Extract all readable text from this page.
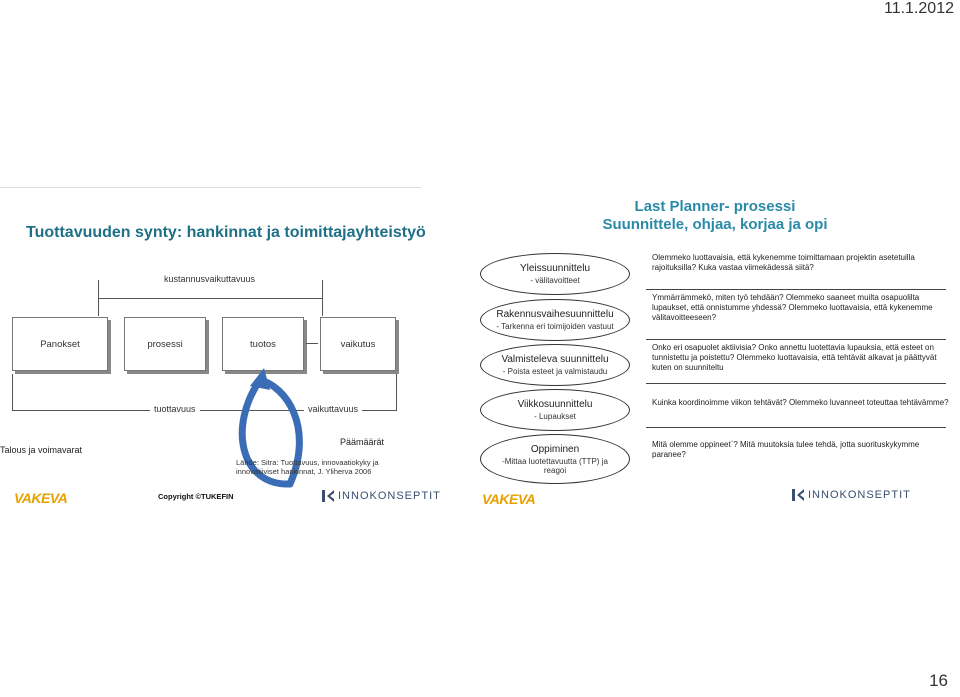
11.1.2012
Tuottavuuden synty: hankinnat ja toimittajayhteistyö
kustannusvaikuttavuus
Panokset	prosessi	tuotos	vaikutus
tuottavuus	vaikuttavuus
Talous ja voimavarat
Päämäärät
Lähde: Sitra: Tuottavuus, innovaatiokyky ja innovatiiviset hankinnat, J. Yliherva 2006
VAKEVA	Copyright ©TUKEFIN	INNOKONSEPTIT
Last Planner- prosessi
Suunnittele, ohjaa, korjaa ja opi
Yleissuunnittelu
- välitavoitteet
Rakennusvaihesuunnittelu
- Tarkenna eri toimijoiden vastuut
Valmisteleva suunnittelu
- Poista esteet ja valmistaudu
Viikkosuunnittelu
- Lupaukset
Oppiminen
-Mittaa luotettavuutta (TTP) ja reagoi
Olemmeko luottavaisia, että kykenemme toimittamaan projektin asetetuilla rajoituksilla? Kuka vastaa viimekädessä siitä?
Ymmärrämmekö, miten työ tehdään? Olemmeko saaneet muilta osapuolilta lupaukset, että onnistumme yhdessä? Olemmeko luottavaisia, että kykenemme välitavoitteeseen?
Onko eri osapuolet aktiivisia? Onko annettu luotettavia lupauksia, että esteet on tunnistettu ja poistettu? Olemmeko luottavaisia, että tehtävät alkavat ja päättyvät kuten on suunniteltu
Kuinka koordinoimme viikon tehtävät? Olemmeko luvanneet toteuttaa tehtävämme?
Mitä olemme oppineet`? Mitä muutoksia tulee tehdä, jotta suorituskykymme paranee?
VAKEVA	INNOKONSEPTIT
16
